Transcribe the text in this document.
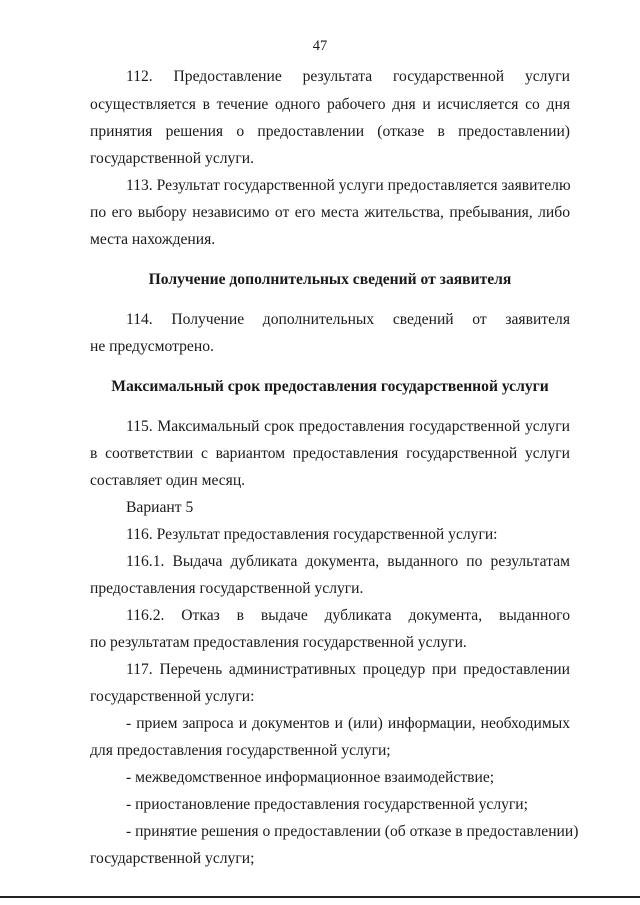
47
112. Предоставление результата государственной услуги
осуществляется в течение одного рабочего дня и исчисляется со дня
принятия решения о предоставлении (отказе в предоставлении)
государственной услуги.
113. Результат государственной услуги предоставляется заявителю
по его выбору независимо от его места жительства, пребывания, либо
места нахождения.
Получение дополнительных сведений от заявителя
114. Получение дополнительных сведений от заявителя
не предусмотрено.
Максимальный срок предоставления государственной услуги
115. Максимальный срок предоставления государственной услуги
в соответствии с вариантом предоставления государственной услуги
составляет один месяц.
Вариант 5
116. Результат предоставления государственной услуги:
116.1. Выдача дубликата документа, выданного по результатам
предоставления государственной услуги.
116.2. Отказ в выдаче дубликата документа, выданного
по результатам предоставления государственной услуги.
117. Перечень административных процедур при предоставлении
государственной услуги:
- прием запроса и документов и (или) информации, необходимых
для предоставления государственной услуги;
- межведомственное информационное взаимодействие;
- приостановление предоставления государственной услуги;
- принятие решения о предоставлении (об отказе в предоставлении)
государственной услуги;
